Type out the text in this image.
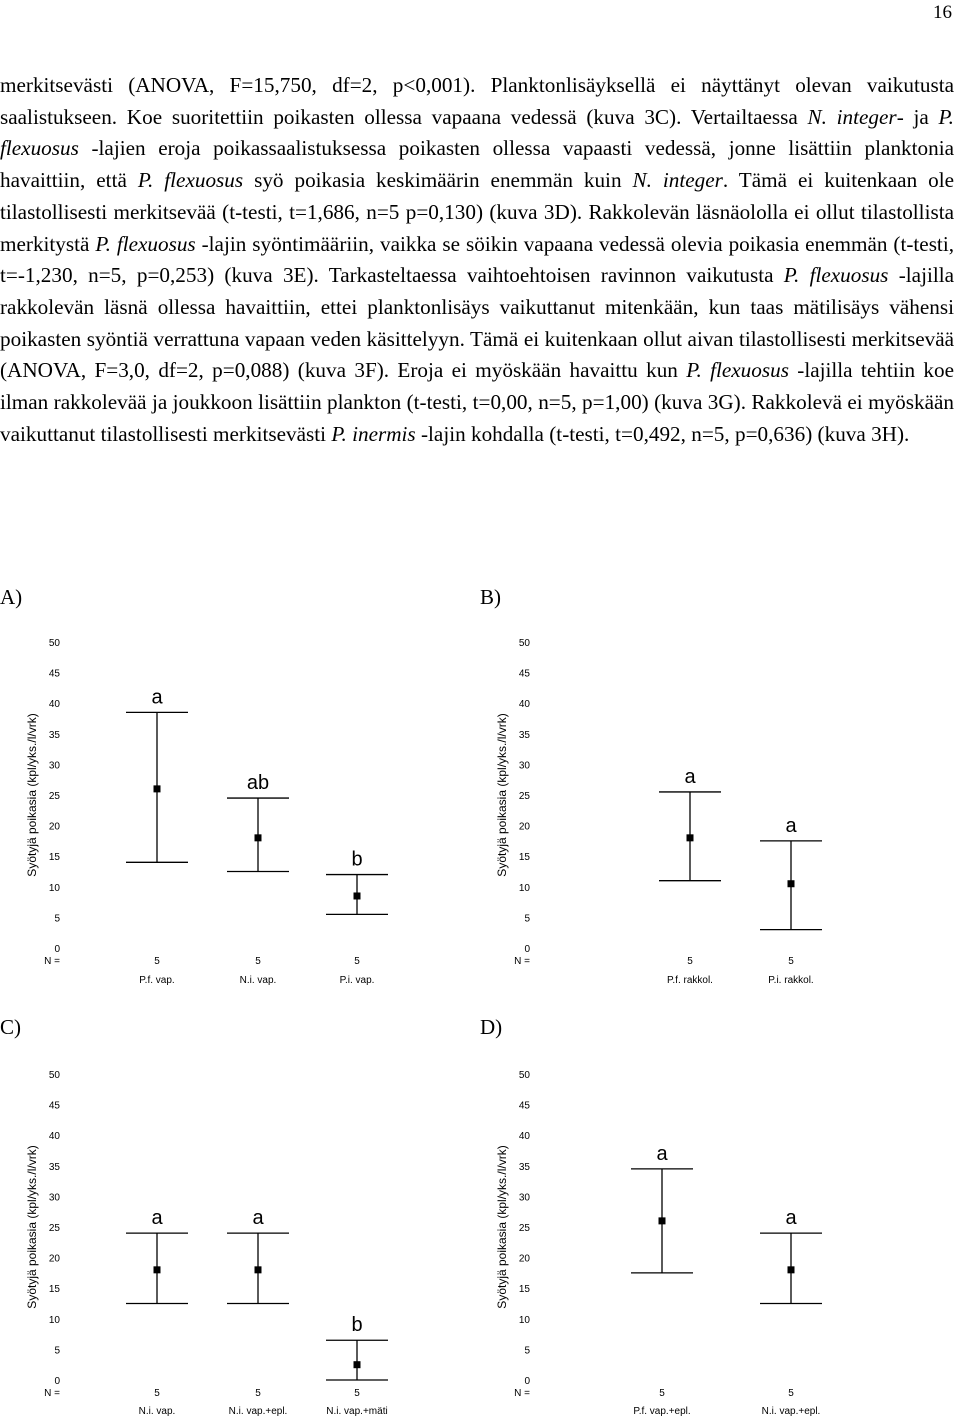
16
merkitsevästi (ANOVA, F=15,750, df=2, p<0,001). Planktonlisäyksellä ei näyttänyt olevan vaikutusta saalistukseen. Koe suoritettiin poikasten ollessa vapaana vedessä (kuva 3C). Vertailtaessa N. integer- ja P. flexuosus -lajien eroja poikassaalistuksessa poikasten ollessa vapaasti vedessä, jonne lisättiin planktonia havaittiin, että P. flexuosus syö poikasia keskimäärin enemmän kuin N. integer. Tämä ei kuitenkaan ole tilastollisesti merkitsevää (t-testi, t=1,686, n=5 p=0,130) (kuva 3D). Rakkolevän läsnäololla ei ollut tilastollista merkitystä P. flexuosus -lajin syöntimääriin, vaikka se söikin vapaana vedessä olevia poikasia enemmän (t-testi, t=-1,230, n=5, p=0,253) (kuva 3E). Tarkasteltaessa vaihtoehtoisen ravinnon vaikutusta P. flexuosus -lajilla rakkolevän läsnä ollessa havaittiin, ettei planktonlisäys vaikuttanut mitenkään, kun taas mätilisäys vähensi poikasten syöntiä verrattuna vapaan veden käsittelyyn. Tämä ei kuitenkaan ollut aivan tilastollisesti merkitsevää (ANOVA, F=3,0, df=2, p=0,088) (kuva 3F). Eroja ei myöskään havaittu kun P. flexuosus -lajilla tehtiin koe ilman rakkolevää ja joukkoon lisättiin plankton (t-testi, t=0,00, n=5, p=1,00) (kuva 3G). Rakkolevä ei myöskään vaikuttanut tilastollisesti merkitsevästi P. inermis -lajin kohdalla (t-testi, t=0,492, n=5, p=0,636) (kuva 3H).
A)	B)
C)	D)
0
5
10
15
20
25
30
35
40
45
50
Syötyjä poikasia (kpl/yks./l/vrk)
N =
a
5
P.f. vap.
ab
5
N.i. vap.
b
5
P.i. vap.
0
5
10
15
20
25
30
35
40
45
50
Syötyjä poikasia (kpl/yks./l/vrk)
N =
a
5
P.f. rakkol.
a
5
P.i. rakkol.
0
5
10
15
20
25
30
35
40
45
50
Syötyjä poikasia (kpl/yks./l/vrk)
N =
a
5
N.i. vap.
a
5
N.i. vap.+epl.
b
5
N.i. vap.+mäti
0
5
10
15
20
25
30
35
40
45
50
Syötyjä poikasia (kpl/yks./l/vrk)
N =
a
5
P.f. vap.+epl.
a
5
N.i. vap.+epl.
